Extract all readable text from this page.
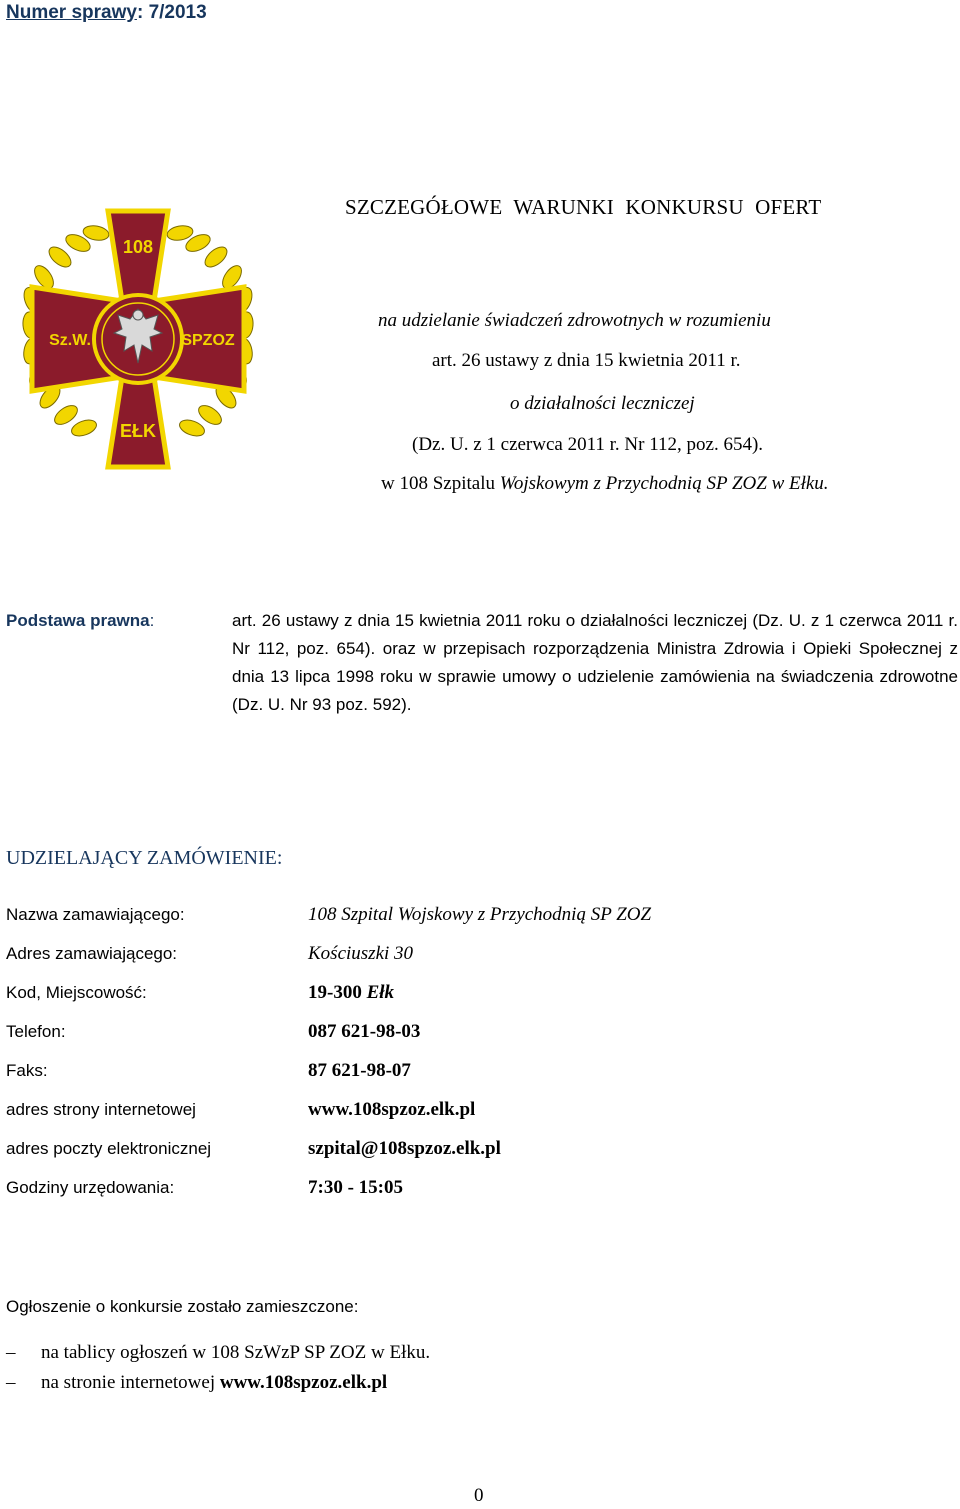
Numer sprawy: 7/2013
108
Sz.W.	SPZOZ
EŁK
SZCZEGÓŁOWE WARUNKI KONKURSU OFERT
na udzielanie świadczeń zdrowotnych w rozumieniu
art. 26 ustawy z dnia 15 kwietnia 2011 r.
o działalności leczniczej
(Dz. U. z 1 czerwca 2011 r. Nr 112, poz. 654).
w 108 Szpitalu Wojskowym z Przychodnią SP ZOZ w Ełku.
Podstawa prawna:	art. 26 ustawy z dnia 15 kwietnia 2011 roku o działalności leczniczej (Dz. U. z 1 czerwca 2011 r. Nr 112, poz. 654). oraz w przepisach rozporządzenia Ministra Zdrowia i Opieki Społecznej z dnia 13 lipca 1998 roku w sprawie umowy o udzielenie zamówienia na świadczenia zdrowotne (Dz. U. Nr 93 poz. 592).
UDZIELAJĄCY ZAMÓWIENIE:
Nazwa zamawiającego:	108 Szpital Wojskowy z Przychodnią SP ZOZ
Adres zamawiającego:	Kościuszki 30
Kod, Miejscowość:	19-300 Ełk
Telefon:	087 621-98-03
Faks:	87 621-98-07
adres strony internetowej	www.108spzoz.elk.pl
adres poczty elektronicznej	szpital@108spzoz.elk.pl
Godziny urzędowania:	7:30 - 15:05
Ogłoszenie o konkursie zostało zamieszczone:
– na tablicy ogłoszeń w 108 SzWzP SP ZOZ w Ełku.
– na stronie internetowej www.108spzoz.elk.pl
0
